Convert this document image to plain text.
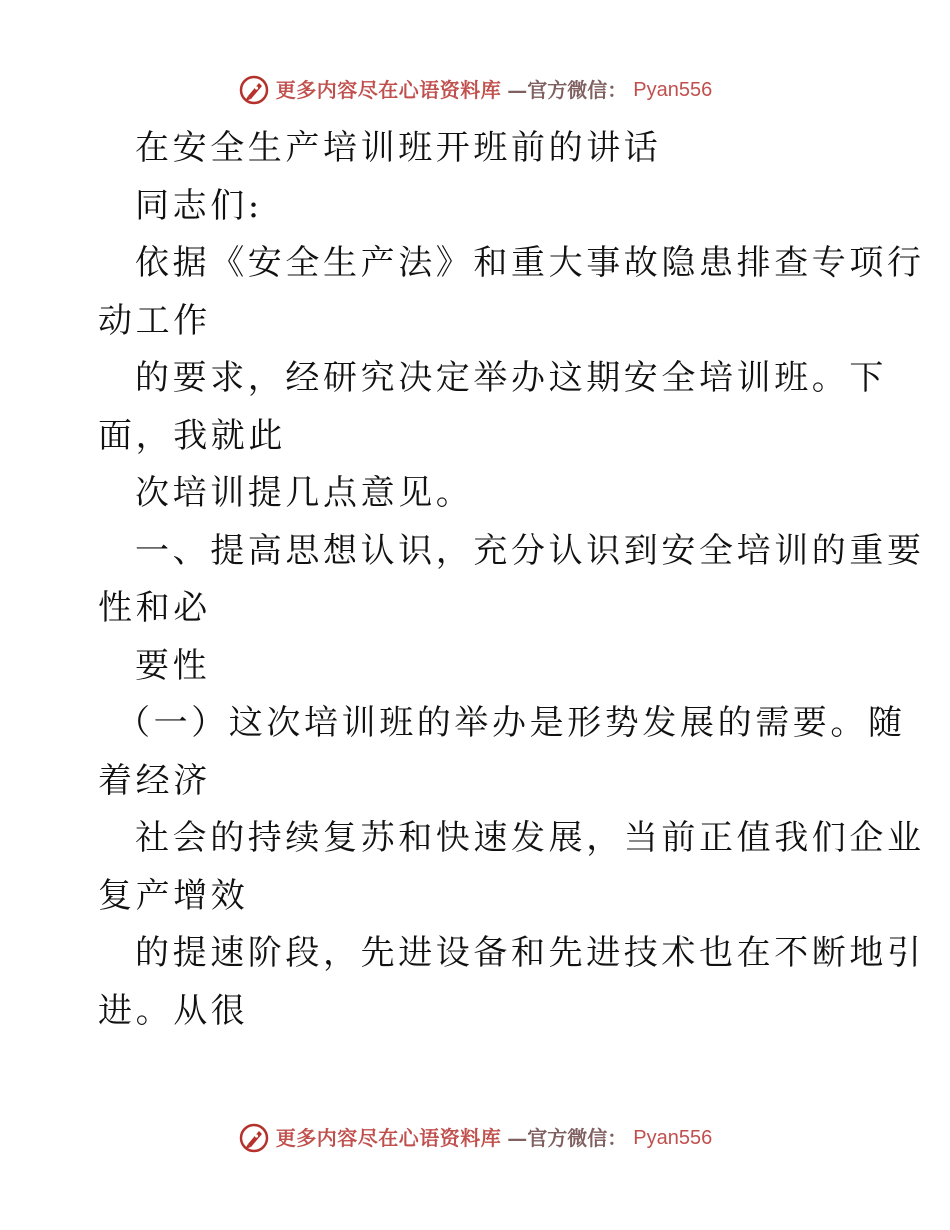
更多内容尽在心语资料库 —官方微信： Pyan556
在安全生产培训班开班前的讲话
同志们:
依据《安全生产法》和重大事故隐患排查专项行
动工作
的要求，经研究决定举办这期安全培训班。下
面，我就此
次培训提几点意见。
一、提高思想认识，充分认识到安全培训的重要
性和必
要性
（一）这次培训班的举办是形势发展的需要。随
着经济
社会的持续复苏和快速发展，当前正值我们企业
复产增效
的提速阶段，先进设备和先进技术也在不断地引
进。从很
更多内容尽在心语资料库 —官方微信： Pyan556
